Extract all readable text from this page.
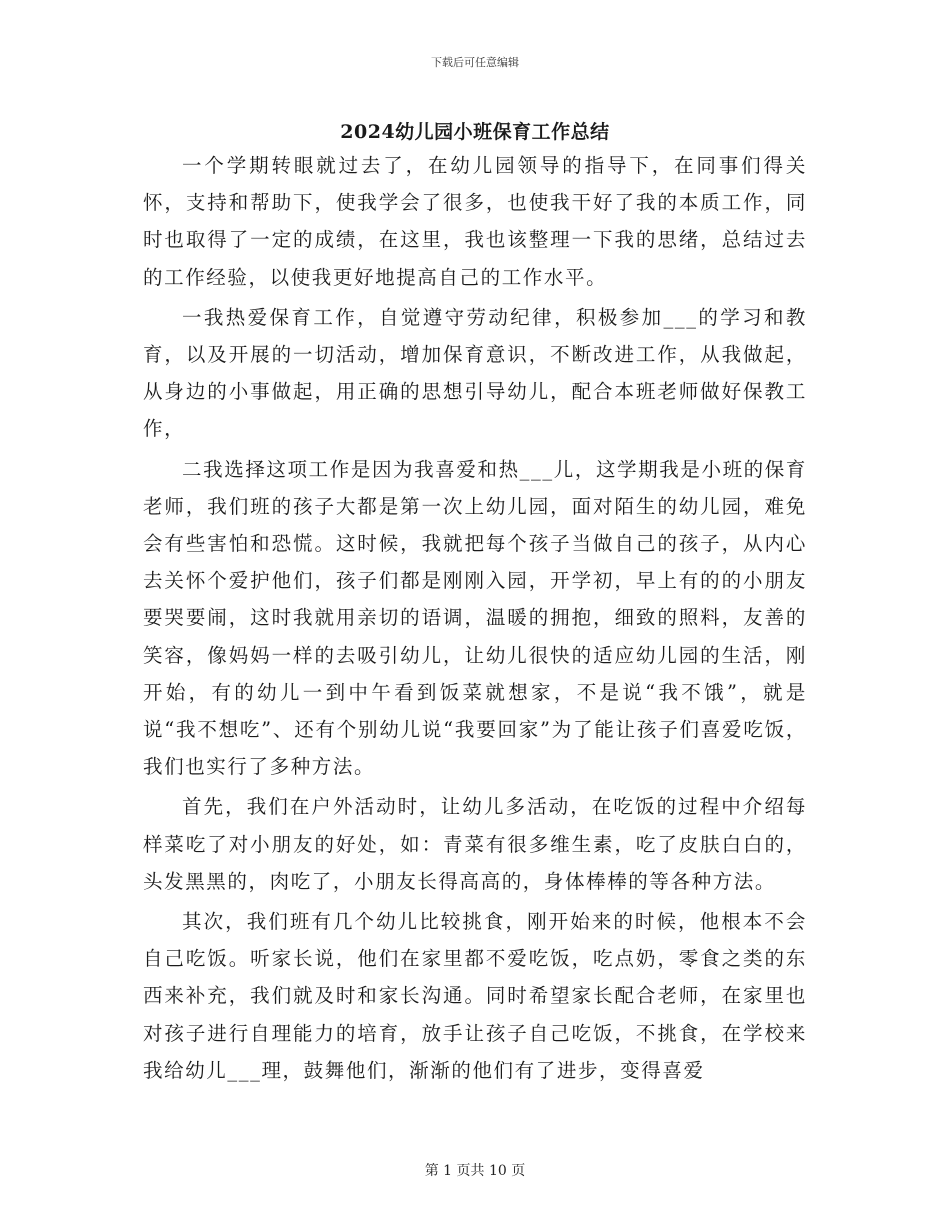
下载后可任意编辑
2024幼儿园小班保育工作总结

一个学期转眼就过去了，在幼儿园领导的指导下，在同事们得关怀，支持和帮助下，使我学会了很多，也使我干好了我的本质工作，同时也取得了一定的成绩，在这里，我也该整理一下我的思绪，总结过去的工作经验，以使我更好地提高自己的工作水平。

一我热爱保育工作，自觉遵守劳动纪律，积极参加___的学习和教育，以及开展的一切活动，增加保育意识，不断改进工作，从我做起，从身边的小事做起，用正确的思想引导幼儿，配合本班老师做好保教工作，

二我选择这项工作是因为我喜爱和热___儿，这学期我是小班的保育老师，我们班的孩子大都是第一次上幼儿园，面对陌生的幼儿园，难免会有些害怕和恐慌。这时候，我就把每个孩子当做自己的孩子，从内心去关怀个爱护他们，孩子们都是刚刚入园，开学初，早上有的的小朋友要哭要闹，这时我就用亲切的语调，温暖的拥抱，细致的照料，友善的笑容，像妈妈一样的去吸引幼儿，让幼儿很快的适应幼儿园的生活，刚开始，有的幼儿一到中午看到饭菜就想家，不是说“我不饿”，就是说“我不想吃”、还有个别幼儿说“我要回家”为了能让孩子们喜爱吃饭，我们也实行了多种方法。

首先，我们在户外活动时，让幼儿多活动，在吃饭的过程中介绍每样菜吃了对小朋友的好处，如：青菜有很多维生素，吃了皮肤白白的，头发黑黑的，肉吃了，小朋友长得高高的，身体棒棒的等各种方法。

其次，我们班有几个幼儿比较挑食，刚开始来的时候，他根本不会自己吃饭。听家长说，他们在家里都不爱吃饭，吃点奶，零食之类的东西来补充，我们就及时和家长沟通。同时希望家长配合老师，在家里也对孩子进行自理能力的培育，放手让孩子自己吃饭，不挑食，在学校来我给幼儿___理，鼓舞他们，渐渐的他们有了进步，变得喜爱

第 1 页共 10 页
